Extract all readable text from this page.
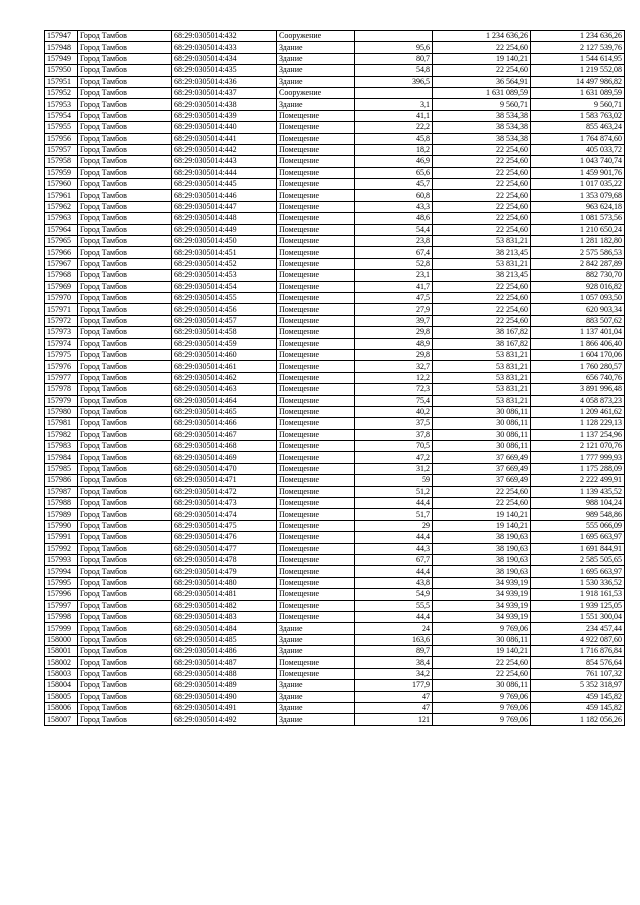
157947	Город Тамбов	68:29:0305014:432	Сооружение		1 234 636,26	1 234 636,26
157948	Город Тамбов	68:29:0305014:433	Здание	95,6	22 254,60	2 127 539,76
157949	Город Тамбов	68:29:0305014:434	Здание	80,7	19 140,21	1 544 614,95
157950	Город Тамбов	68:29:0305014:435	Здание	54,8	22 254,60	1 219 552,08
157951	Город Тамбов	68:29:0305014:436	Здание	396,5	36 564,91	14 497 986,82
157952	Город Тамбов	68:29:0305014:437	Сооружение		1 631 089,59	1 631 089,59
157953	Город Тамбов	68:29:0305014:438	Здание	3,1	9 560,71	9 560,71
157954	Город Тамбов	68:29:0305014:439	Помещение	41,1	38 534,38	1 583 763,02
157955	Город Тамбов	68:29:0305014:440	Помещение	22,2	38 534,38	855 463,24
157956	Город Тамбов	68:29:0305014:441	Помещение	45,8	38 534,38	1 764 874,60
157957	Город Тамбов	68:29:0305014:442	Помещение	18,2	22 254,60	405 033,72
157958	Город Тамбов	68:29:0305014:443	Помещение	46,9	22 254,60	1 043 740,74
157959	Город Тамбов	68:29:0305014:444	Помещение	65,6	22 254,60	1 459 901,76
157960	Город Тамбов	68:29:0305014:445	Помещение	45,7	22 254,60	1 017 035,22
157961	Город Тамбов	68:29:0305014:446	Помещение	60,8	22 254,60	1 353 079,68
157962	Город Тамбов	68:29:0305014:447	Помещение	43,3	22 254,60	963 624,18
157963	Город Тамбов	68:29:0305014:448	Помещение	48,6	22 254,60	1 081 573,56
157964	Город Тамбов	68:29:0305014:449	Помещение	54,4	22 254,60	1 210 650,24
157965	Город Тамбов	68:29:0305014:450	Помещение	23,8	53 831,21	1 281 182,80
157966	Город Тамбов	68:29:0305014:451	Помещение	67,4	38 213,45	2 575 586,53
157967	Город Тамбов	68:29:0305014:452	Помещение	52,8	53 831,21	2 842 287,89
157968	Город Тамбов	68:29:0305014:453	Помещение	23,1	38 213,45	882 730,70
157969	Город Тамбов	68:29:0305014:454	Помещение	41,7	22 254,60	928 016,82
157970	Город Тамбов	68:29:0305014:455	Помещение	47,5	22 254,60	1 057 093,50
157971	Город Тамбов	68:29:0305014:456	Помещение	27,9	22 254,60	620 903,34
157972	Город Тамбов	68:29:0305014:457	Помещение	39,7	22 254,60	883 507,62
157973	Город Тамбов	68:29:0305014:458	Помещение	29,8	38 167,82	1 137 401,04
157974	Город Тамбов	68:29:0305014:459	Помещение	48,9	38 167,82	1 866 406,40
157975	Город Тамбов	68:29:0305014:460	Помещение	29,8	53 831,21	1 604 170,06
157976	Город Тамбов	68:29:0305014:461	Помещение	32,7	53 831,21	1 760 280,57
157977	Город Тамбов	68:29:0305014:462	Помещение	12,2	53 831,21	656 740,76
157978	Город Тамбов	68:29:0305014:463	Помещение	72,3	53 831,21	3 891 996,48
157979	Город Тамбов	68:29:0305014:464	Помещение	75,4	53 831,21	4 058 873,23
157980	Город Тамбов	68:29:0305014:465	Помещение	40,2	30 086,11	1 209 461,62
157981	Город Тамбов	68:29:0305014:466	Помещение	37,5	30 086,11	1 128 229,13
157982	Город Тамбов	68:29:0305014:467	Помещение	37,8	30 086,11	1 137 254,96
157983	Город Тамбов	68:29:0305014:468	Помещение	70,5	30 086,11	2 121 070,76
157984	Город Тамбов	68:29:0305014:469	Помещение	47,2	37 669,49	1 777 999,93
157985	Город Тамбов	68:29:0305014:470	Помещение	31,2	37 669,49	1 175 288,09
157986	Город Тамбов	68:29:0305014:471	Помещение	59	37 669,49	2 222 499,91
157987	Город Тамбов	68:29:0305014:472	Помещение	51,2	22 254,60	1 139 435,52
157988	Город Тамбов	68:29:0305014:473	Помещение	44,4	22 254,60	988 104,24
157989	Город Тамбов	68:29:0305014:474	Помещение	51,7	19 140,21	989 548,86
157990	Город Тамбов	68:29:0305014:475	Помещение	29	19 140,21	555 066,09
157991	Город Тамбов	68:29:0305014:476	Помещение	44,4	38 190,63	1 695 663,97
157992	Город Тамбов	68:29:0305014:477	Помещение	44,3	38 190,63	1 691 844,91
157993	Город Тамбов	68:29:0305014:478	Помещение	67,7	38 190,63	2 585 505,65
157994	Город Тамбов	68:29:0305014:479	Помещение	44,4	38 190,63	1 695 663,97
157995	Город Тамбов	68:29:0305014:480	Помещение	43,8	34 939,19	1 530 336,52
157996	Город Тамбов	68:29:0305014:481	Помещение	54,9	34 939,19	1 918 161,53
157997	Город Тамбов	68:29:0305014:482	Помещение	55,5	34 939,19	1 939 125,05
157998	Город Тамбов	68:29:0305014:483	Помещение	44,4	34 939,19	1 551 300,04
157999	Город Тамбов	68:29:0305014:484	Здание	24	9 769,06	234 457,44
158000	Город Тамбов	68:29:0305014:485	Здание	163,6	30 086,11	4 922 087,60
158001	Город Тамбов	68:29:0305014:486	Здание	89,7	19 140,21	1 716 876,84
158002	Город Тамбов	68:29:0305014:487	Помещение	38,4	22 254,60	854 576,64
158003	Город Тамбов	68:29:0305014:488	Помещение	34,2	22 254,60	761 107,32
158004	Город Тамбов	68:29:0305014:489	Здание	177,9	30 086,11	5 352 318,97
158005	Город Тамбов	68:29:0305014:490	Здание	47	9 769,06	459 145,82
158006	Город Тамбов	68:29:0305014:491	Здание	47	9 769,06	459 145,82
158007	Город Тамбов	68:29:0305014:492	Здание	121	9 769,06	1 182 056,26
